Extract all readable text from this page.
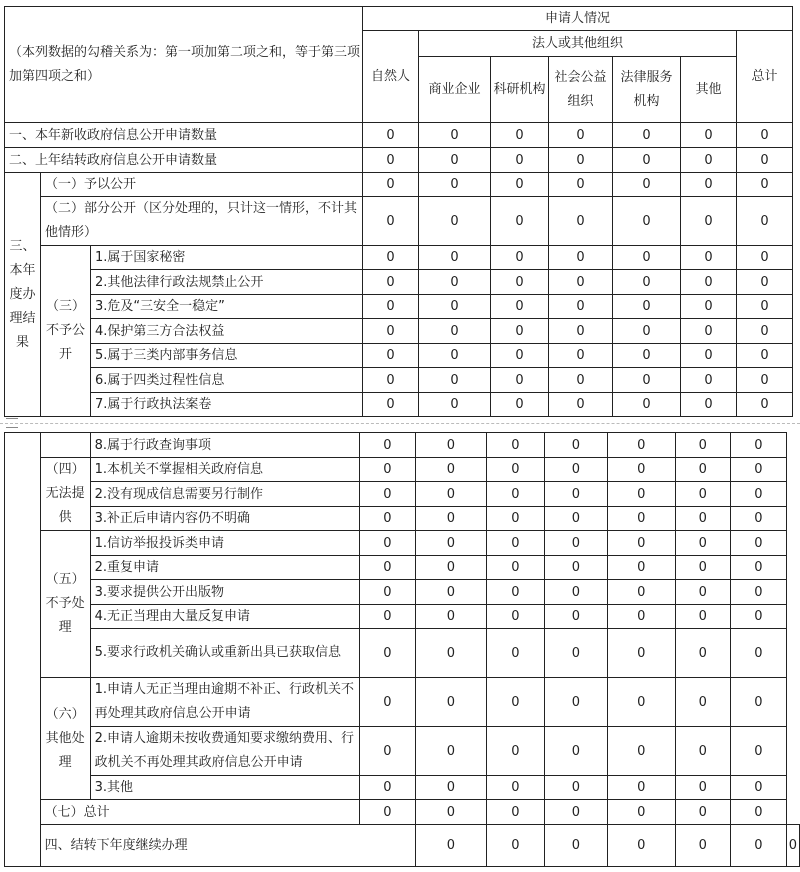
（本列数据的勾稽关系为：第一项加第二项之和，等于第三项加第四项之和）			申请人情况						
			自然人	法人或其他组织					总计
				商业企业	科研机构	社会公益组织	法律服务机构	其他	
一、本年新收政府信息公开申请数量			0	0	0	0	0	0	0
二、上年结转政府信息公开申请数量			0	0	0	0	0	0	0
三、本年度办理结果	（一）予以公开		0	0	0	0	0	0	0
	（二）部分公开（区分处理的，只计这一情形，不计其他情形）		0	0	0	0	0	0	0
	（三）不予公开	1.属于国家秘密	0	0	0	0	0	0	0
		2.其他法律行政法规禁止公开	0	0	0	0	0	0	0
		3.危及“三安全一稳定”	0	0	0	0	0	0	0
		4.保护第三方合法权益	0	0	0	0	0	0	0
		5.属于三类内部事务信息	0	0	0	0	0	0	0
		6.属于四类过程性信息	0	0	0	0	0	0	0
		7.属于行政执法案卷	0	0	0	0	0	0	0
		8.属于行政查询事项	0	0	0	0	0	0	0	
	（四）无法提供	1.本机关不掌握相关政府信息	0	0	0	0	0	0	0	
		2.没有现成信息需要另行制作	0	0	0	0	0	0	0	
		3.补正后申请内容仍不明确	0	0	0	0	0	0	0	
	（五）不予处理	1.信访举报投诉类申请	0	0	0	0	0	0	0	
		2.重复申请	0	0	0	0	0	0	0	
		3.要求提供公开出版物	0	0	0	0	0	0	0	
		4.无正当理由大量反复申请	0	0	0	0	0	0	0	
		5.要求行政机关确认或重新出具已获取信息	0	0	0	0	0	0	0	
	（六）其他处理	1.申请人无正当理由逾期不补正、行政机关不再处理其政府信息公开申请	0	0	0	0	0	0	0	
		2.申请人逾期未按收费通知要求缴纳费用、行政机关不再处理其政府信息公开申请	0	0	0	0	0	0	0	
		3.其他	0	0	0	0	0	0	0	
	（七）总计		0	0	0	0	0	0	0	
	四、结转下年度继续办理			0	0	0	0	0	0	0
